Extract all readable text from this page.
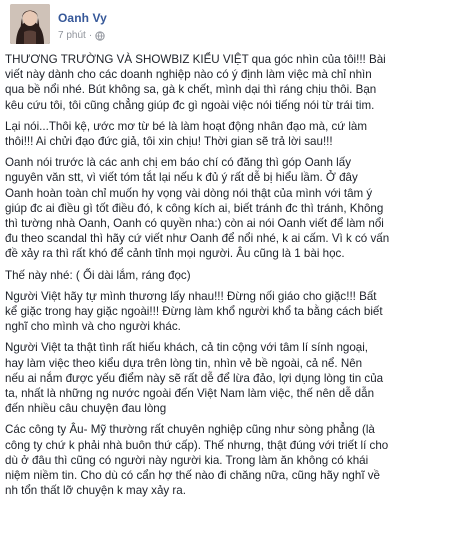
Oanh Vy
7 phút ·

THƯƠNG TRƯỜNG VÀ SHOWBIZ KIỂU VIỆT qua góc nhìn của tôi!!! Bài
viết này dành cho các doanh nghiệp nào có ý định làm việc mà chỉ nhìn
qua bề nổi nhé. Bút không sa, gà k chết, mình dại thì ráng chịu thôi. Bạn
kêu cứu tôi, tôi cũng chẳng giúp đc gì ngoài việc nói tiếng nói từ trái tim.

Lại nói...Thôi kệ, ước mơ từ bé là làm hoạt động nhân đạo mà, cứ làm
thôi!!! Ai chửi đạo đức giả, tôi xin chịu! Thời gian sẽ trả lời sau!!!

Oanh nói trước là các anh chị em báo chí có đăng thì góp Oanh lấy
nguyên văn stt, vì viết tóm tắt lại nếu k đủ ý rất dễ bị hiểu lầm. Ở đây
Oanh hoàn toàn chỉ muốn hy vọng vài dòng nói thật của mình với tâm ý
giúp đc ai điều gì tốt điều đó, k công kích ai, biết tránh đc thì tránh, Không
thì tường nhà Oanh, Oanh có quyền nha:) còn ai nói Oanh viết để làm nổi
đu theo scandal thì hãy cứ viết như Oanh để nổi nhé, k ai cấm. Vì k có vấn
đề xảy ra thì rất khó để cảnh tỉnh mọi người. Âu cũng là 1 bài học.

Thế này nhé: ( Ối dài lắm, ráng đọc)

Người Việt hãy tự mình thương lấy nhau!!! Đừng nối giáo cho giặc!!! Bất
kể giặc trong hay giặc ngoài!!! Đừng làm khổ người khổ ta bằng cách biết
nghĩ cho mình và cho người khác.

Người Việt ta thật tình rất hiếu khách, cả tin cộng với tâm lí sính ngoại,
hay làm việc theo kiểu dựa trên lòng tin, nhìn vẻ bề ngoài, cả nể. Nên
nếu ai nắm được yếu điểm này sẽ rất dễ để lừa đảo, lợi dụng lòng tin của
ta, nhất là những ng nước ngoài đến Việt Nam làm việc, thế nên dễ dẫn
đến nhiều câu chuyện đau lòng

Các công ty Âu- Mỹ thường rất chuyên nghiệp cũng như sòng phẳng (là
công ty chứ k phải nhà buôn thứ cấp). Thế nhưng, thật đúng với triết lí cho
dù ở đâu thì cũng có người này người kia. Trong làm ăn không có khái
niệm niềm tin. Cho dù có cẩn hợ thế nào đi chăng nữa, cũng hãy nghĩ về
nh tổn thất lỡ chuyện k may xảy ra.
